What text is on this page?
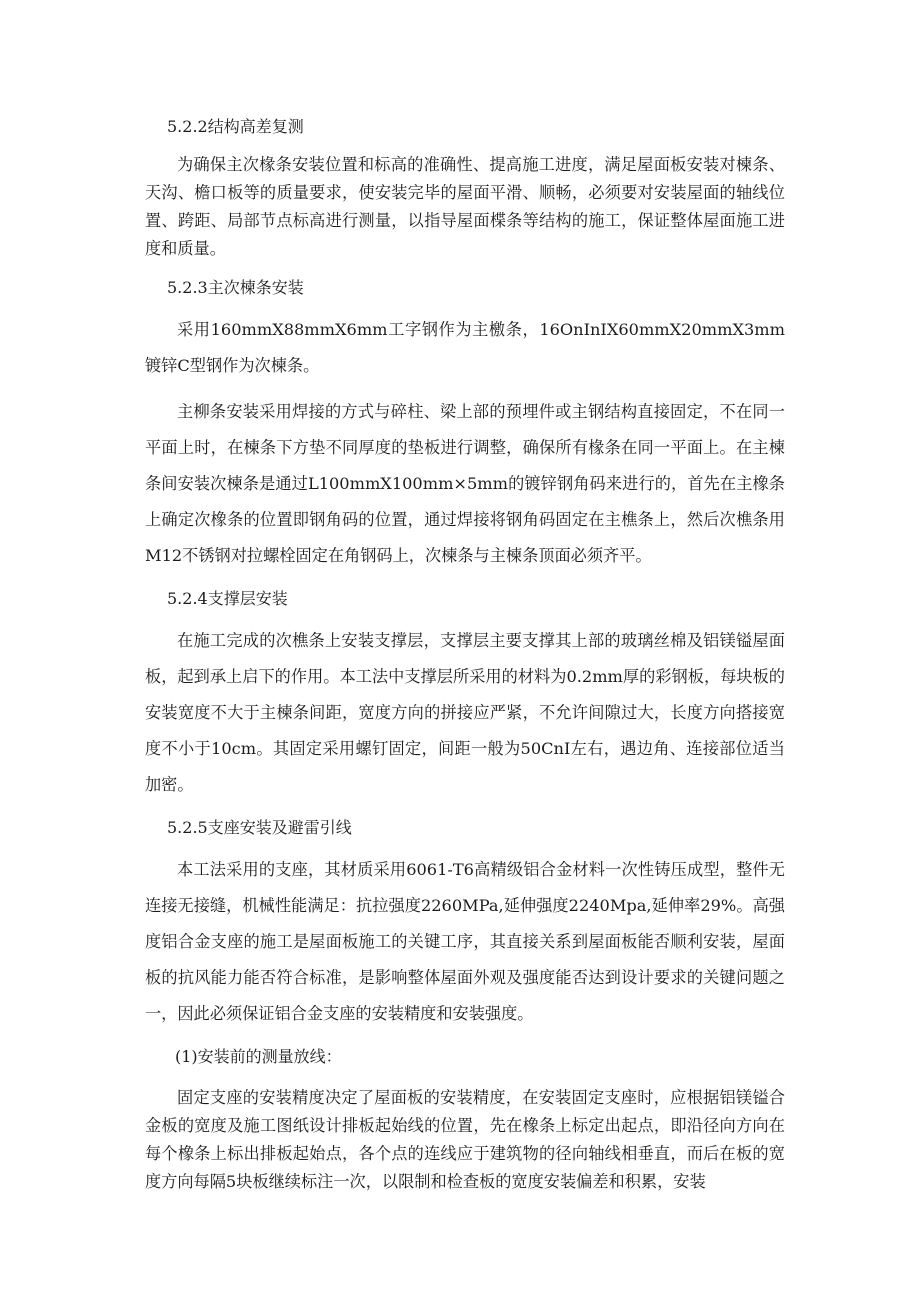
5.2.2结构高差复测

为确保主次椽条安装位置和标高的准确性、提高施工进度，满足屋面板安装对楝条、天沟、檐口板等的质量要求，使安装完毕的屋面平滑、顺畅，必须要对安装屋面的轴线位置、跨距、局部节点标高进行测量，以指导屋面楪条等结构的施工，保证整体屋面施工进度和质量。

5.2.3主次楝条安装

采用160mmX88mmX6mm工字钢作为主檄条，16OnInIX60mmX20mmX3mm镀锌C型钢作为次楝条。

主柳条安装采用焊接的方式与碎柱、梁上部的预埋件或主钢结构直接固定，不在同一平面上时，在楝条下方垫不同厚度的垫板进行调整，确保所有椽条在同一平面上。在主楝条间安装次楝条是通过L100mmX100mm×5mm的镀锌钢角码来进行的，首先在主橡条上确定次橡条的位置即钢角码的位置，通过焊接将钢角码固定在主樵条上，然后次樵条用M12不锈钢对拉螺栓固定在角钢码上，次楝条与主楝条顶面必须齐平。

5.2.4支撑层安装

在施工完成的次樵条上安装支撑层，支撑层主要支撑其上部的玻璃丝棉及铝镁镒屋面板，起到承上启下的作用。本工法中支撑层所采用的材料为0.2mm厚的彩钢板，每块板的安装宽度不大于主楝条间距，宽度方向的拼接应严紧，不允许间隙过大，长度方向搭接宽度不小于10cm。其固定采用螺钉固定，间距一般为50CnI左右，遇边角、连接部位适当加密。

5.2.5支座安装及避雷引线

本工法采用的支座，其材质采用6061-T6高精级铝合金材料一次性铸压成型，整件无连接无接缝，机械性能满足：抗拉强度2260MPa,延伸强度2240Mpa,延伸率29%。高强度铝合金支座的施工是屋面板施工的关键工序，其直接关系到屋面板能否顺利安装，屋面板的抗风能力能否符合标准，是影响整体屋面外观及强度能否达到设计要求的关键问题之一，因此必须保证铝合金支座的安装精度和安装强度。

(1)安装前的测量放线：

固定支座的安装精度决定了屋面板的安装精度，在安装固定支座时，应根据铝镁镒合金板的宽度及施工图纸设计排板起始线的位置，先在橡条上标定出起点，即沿径向方向在每个橡条上标出排板起始点，各个点的连线应于建筑物的径向轴线相垂直，而后在板的宽度方向每隔5块板继续标注一次，以限制和检查板的宽度安装偏差和积累，安装
